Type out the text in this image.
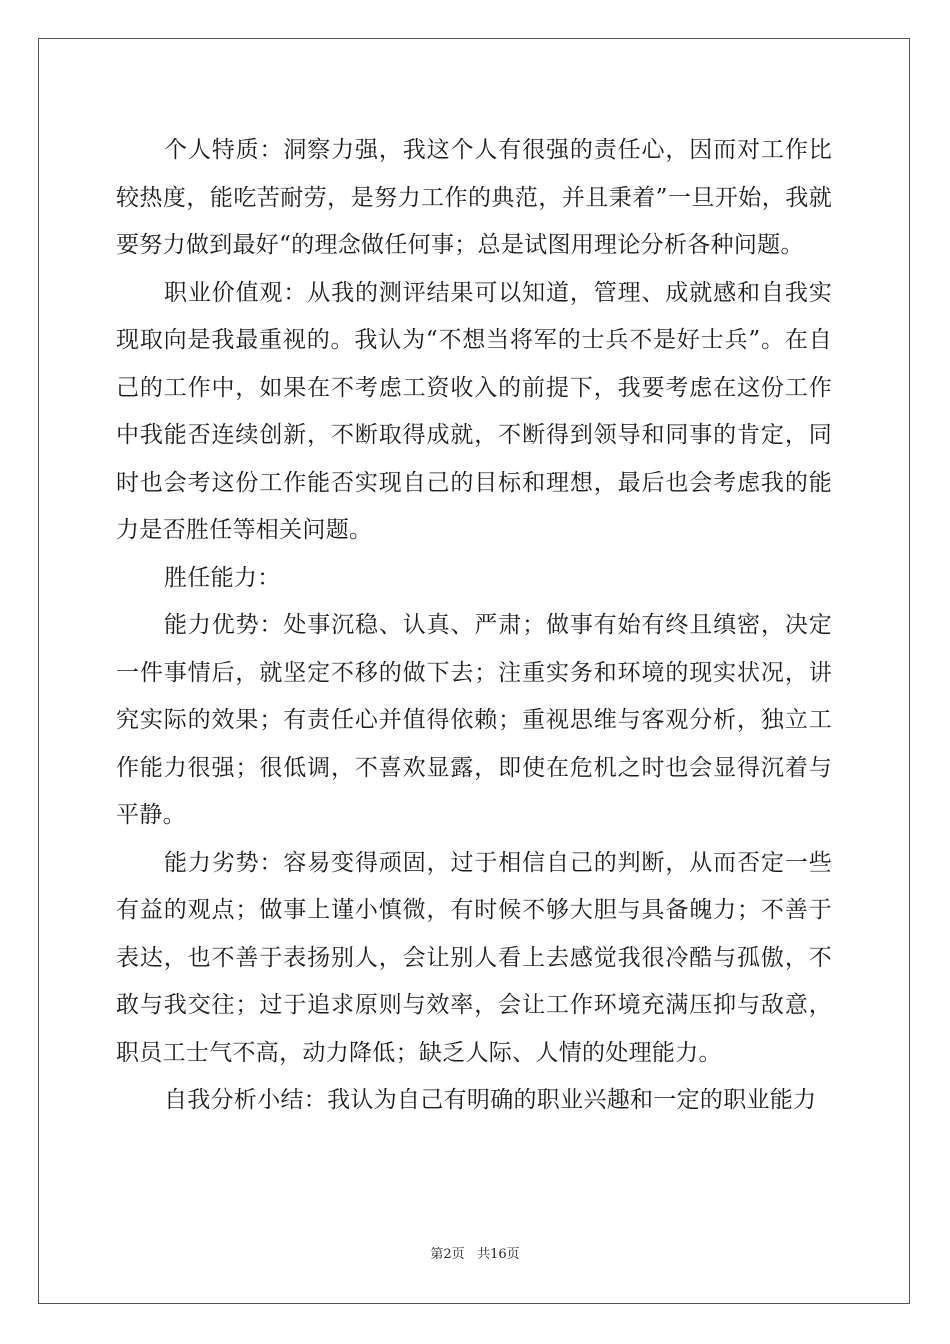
个人特质：洞察力强，我这个人有很强的责任心，因而对工作比较热度，能吃苦耐劳，是努力工作的典范，并且秉着”一旦开始，我就要努力做到最好“的理念做任何事；总是试图用理论分析各种问题。

职业价值观：从我的测评结果可以知道，管理、成就感和自我实现取向是我最重视的。我认为“不想当将军的士兵不是好士兵”。在自己的工作中，如果在不考虑工资收入的前提下，我要考虑在这份工作中我能否连续创新，不断取得成就，不断得到领导和同事的肯定，同时也会考这份工作能否实现自己的目标和理想，最后也会考虑我的能力是否胜任等相关问题。

胜任能力：

能力优势：处事沉稳、认真、严肃；做事有始有终且缜密，决定一件事情后，就坚定不移的做下去；注重实务和环境的现实状况，讲究实际的效果；有责任心并值得依赖；重视思维与客观分析，独立工作能力很强；很低调，不喜欢显露，即使在危机之时也会显得沉着与平静。

能力劣势：容易变得顽固，过于相信自己的判断，从而否定一些有益的观点；做事上谨小慎微，有时候不够大胆与具备魄力；不善于表达，也不善于表扬别人，会让别人看上去感觉我很冷酷与孤傲，不敢与我交往；过于追求原则与效率，会让工作环境充满压抑与敌意，职员工士气不高，动力降低；缺乏人际、人情的处理能力。

自我分析小结：我认为自己有明确的职业兴趣和一定的职业能力

第2页 共16页
